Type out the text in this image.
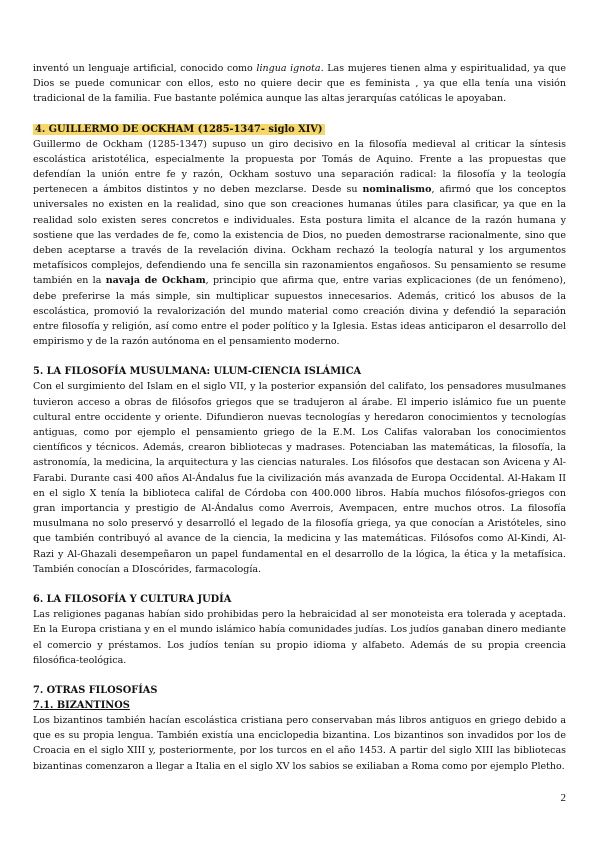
inventó un lenguaje artificial, conocido como lingua ignota. Las mujeres tienen alma y espiritualidad, ya que Dios se puede comunicar con ellos, esto no quiere decir que es feminista , ya que ella tenía una visión tradicional de la familia. Fue bastante polémica aunque las altas jerarquías católicas le apoyaban.

4. GUILLERMO DE OCKHAM (1285-1347- siglo XIV)

Guillermo de Ockham (1285-1347) supuso un giro decisivo en la filosofía medieval al criticar la síntesis escolástica aristotélica, especialmente la propuesta por Tomás de Aquino. Frente a las propuestas que defendían la unión entre fe y razón, Ockham sostuvo una separación radical: la filosofía y la teología pertenecen a ámbitos distintos y no deben mezclarse. Desde su nominalismo, afirmó que los conceptos universales no existen en la realidad, sino que son creaciones humanas útiles para clasificar, ya que en la realidad solo existen seres concretos e individuales. Esta postura limita el alcance de la razón humana y sostiene que las verdades de fe, como la existencia de Dios, no pueden demostrarse racionalmente, sino que deben aceptarse a través de la revelación divina. Ockham rechazó la teología natural y los argumentos metafísicos complejos, defendiendo una fe sencilla sin razonamientos engañosos. Su pensamiento se resume también en la navaja de Ockham, principio que afirma que, entre varias explicaciones (de un fenómeno), debe preferirse la más simple, sin multiplicar supuestos innecesarios. Además, criticó los abusos de la escolástica, promovió la revalorización del mundo material como creación divina y defendió la separación entre filosofía y religión, así como entre el poder político y la Iglesia. Estas ideas anticiparon el desarrollo del empirismo y de la razón autónoma en el pensamiento moderno.

5. LA FILOSOFÍA MUSULMANA: ULUM-CIENCIA ISLÁMICA

Con el surgimiento del Islam en el siglo VII, y la posterior expansión del califato, los pensadores musulmanes tuvieron acceso a obras de filósofos griegos que se tradujeron al árabe. El imperio islámico fue un puente cultural entre occidente y oriente. Difundieron nuevas tecnologías y heredaron conocimientos y tecnologías antiguas, como por ejemplo el pensamiento griego de la E.M. Los Califas valoraban los conocimientos científicos y técnicos. Además, crearon bibliotecas y madrases. Potenciaban las matemáticas, la filosofía, la astronomía, la medicina, la arquitectura y las ciencias naturales. Los filósofos que destacan son Avicena y Al-Farabi. Durante casi 400 años Al-Ándalus fue la civilización más avanzada de Europa Occidental. Al-Hakam II en el siglo X tenía la biblioteca califal de Córdoba con 400.000 libros. Había muchos filósofos-griegos con gran importancia y prestigio de Al-Ándalus como Averrois, Avempacen, entre muchos otros. La filosofía musulmana no solo preservó y desarrolló el legado de la filosofía griega, ya que conocían a Aristóteles, sino que también contribuyó al avance de la ciencia, la medicina y las matemáticas. Filósofos como Al-Kindi, Al-Razi y Al-Ghazali desempeñaron un papel fundamental en el desarrollo de la lógica, la ética y la metafísica. También conocían a DIoscórides, farmacología.

6. LA FILOSOFÍA Y CULTURA JUDÍA

Las religiones paganas habían sido prohibidas pero la hebraicidad al ser monoteista era tolerada y aceptada. En la Europa cristiana y en el mundo islámico había comunidades judías. Los judíos ganaban dinero mediante el comercio y préstamos. Los judíos tenían su propio idioma y alfabeto. Además de su propia creencia filosófica-teológica.

7. OTRAS FILOSOFÍAS
7.1. BIZANTINOS

Los bizantinos también hacían escolástica cristiana pero conservaban más libros antiguos en griego debido a que es su propia lengua. También existía una enciclopedia bizantina. Los bizantinos son invadidos por los de Croacia en el siglo XIII y, posteriormente, por los turcos en el año 1453. A partir del siglo XIII las bibliotecas bizantinas comenzaron a llegar a Italia en el siglo XV los sabios se exiliaban a Roma como por ejemplo Pletho.

2
